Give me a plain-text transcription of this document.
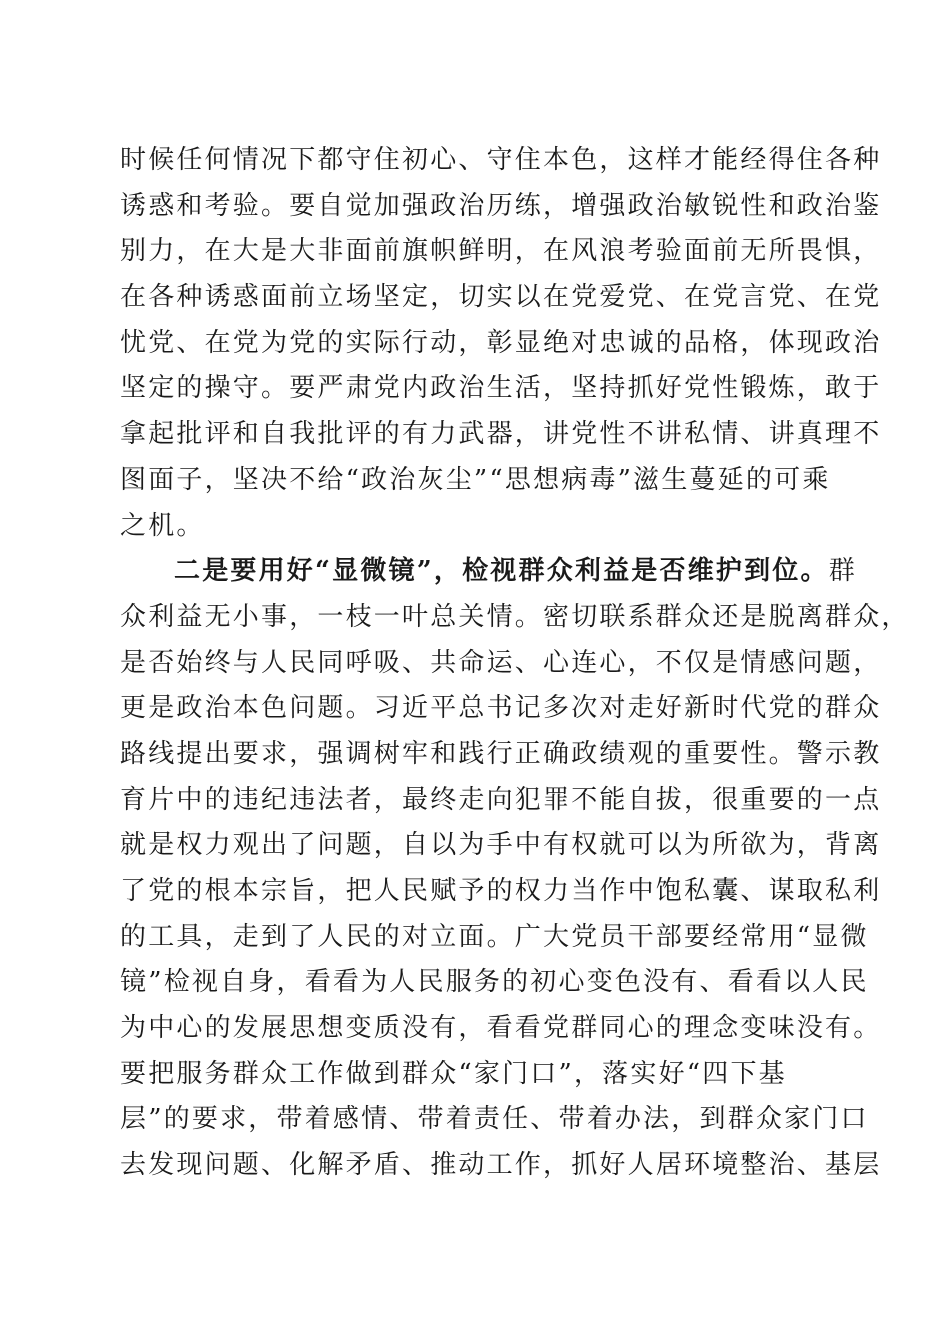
时候任何情况下都守住初心、守住本色，这样才能经得住各种
诱惑和考验。要自觉加强政治历练，增强政治敏锐性和政治鉴
别力，在大是大非面前旗帜鲜明，在风浪考验面前无所畏惧，
在各种诱惑面前立场坚定，切实以在党爱党、在党言党、在党
忧党、在党为党的实际行动，彰显绝对忠诚的品格，体现政治
坚定的操守。要严肃党内政治生活，坚持抓好党性锻炼，敢于
拿起批评和自我批评的有力武器，讲党性不讲私情、讲真理不
图面子，坚决不给“政治灰尘”“思想病毒”滋生蔓延的可乘
之机。
二是要用好“显微镜”，检视群众利益是否维护到位。群
众利益无小事，一枝一叶总关情。密切联系群众还是脱离群众，
是否始终与人民同呼吸、共命运、心连心，不仅是情感问题，
更是政治本色问题。习近平总书记多次对走好新时代党的群众
路线提出要求，强调树牢和践行正确政绩观的重要性。警示教
育片中的违纪违法者，最终走向犯罪不能自拔，很重要的一点
就是权力观出了问题，自以为手中有权就可以为所欲为，背离
了党的根本宗旨，把人民赋予的权力当作中饱私囊、谋取私利
的工具，走到了人民的对立面。广大党员干部要经常用“显微
镜”检视自身，看看为人民服务的初心变色没有、看看以人民
为中心的发展思想变质没有，看看党群同心的理念变味没有。
要把服务群众工作做到群众“家门口”，落实好“四下基
层”的要求，带着感情、带着责任、带着办法，到群众家门口
去发现问题、化解矛盾、推动工作，抓好人居环境整治、基层
